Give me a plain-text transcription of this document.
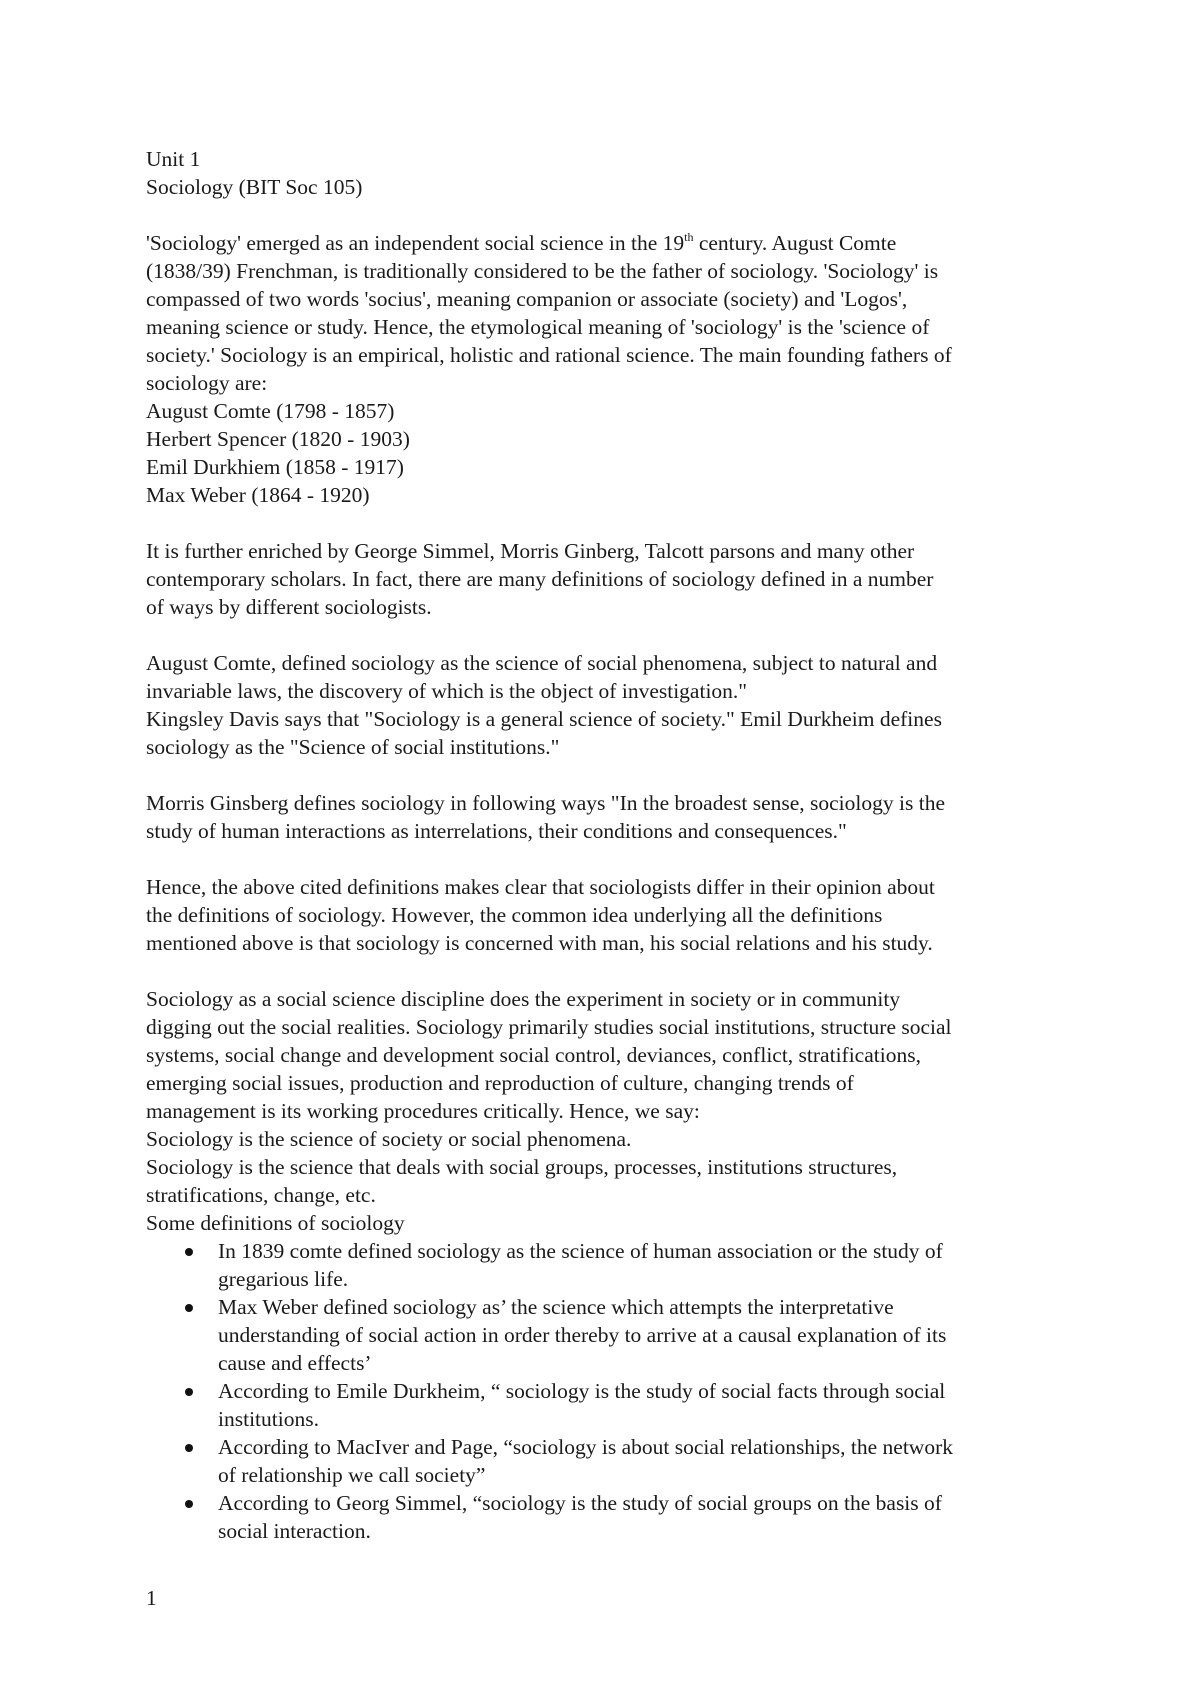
Unit 1

Sociology (BIT Soc 105)

'Sociology' emerged as an independent social science in the 19th century. August Comte

(1838/39) Frenchman, is traditionally considered to be the father of sociology. 'Sociology' is

compassed of two words 'socius', meaning companion or associate (society) and 'Logos',

meaning science or study. Hence, the etymological meaning of 'sociology' is the 'science of

society.' Sociology is an empirical, holistic and rational science. The main founding fathers of

sociology are:

August Comte (1798 - 1857)

Herbert Spencer (1820 - 1903)

Emil Durkhiem (1858 - 1917)

Max Weber (1864 - 1920)

It is further enriched by George Simmel, Morris Ginberg, Talcott parsons and many other

contemporary scholars. In fact, there are many definitions of sociology defined in a number

of ways by different sociologists.

August Comte, defined sociology as the science of social phenomena, subject to natural and

invariable laws, the discovery of which is the object of investigation."

Kingsley Davis says that "Sociology is a general science of society." Emil Durkheim defines

sociology as the "Science of social institutions."

Morris Ginsberg defines sociology in following ways "In the broadest sense, sociology is the

study of human interactions as interrelations, their conditions and consequences."

Hence, the above cited definitions makes clear that sociologists differ in their opinion about

the definitions of sociology. However, the common idea underlying all the definitions

mentioned above is that sociology is concerned with man, his social relations and his study.

Sociology as a social science discipline does the experiment in society or in community

digging out the social realities. Sociology primarily studies social institutions, structure social

systems, social change and development social control, deviances, conflict, stratifications,

emerging social issues, production and reproduction of culture, changing trends of

management is its working procedures critically. Hence, we say:

Sociology is the science of society or social phenomena.

Sociology is the science that deals with social groups, processes, institutions structures,

stratifications, change, etc.

Some definitions of sociology

In 1839 comte defined sociology as the science of human association or the study of

gregarious life.

Max Weber defined sociology as’ the science which attempts the interpretative

understanding of social action in order thereby to arrive at a causal explanation of its

cause and effects’

According to Emile Durkheim, “ sociology is the study of social facts through social

institutions.

According to MacIver and Page, “sociology is about social relationships, the network

of relationship we call society”

According to Georg Simmel, “sociology is the study of social groups on the basis of

social interaction.

1
